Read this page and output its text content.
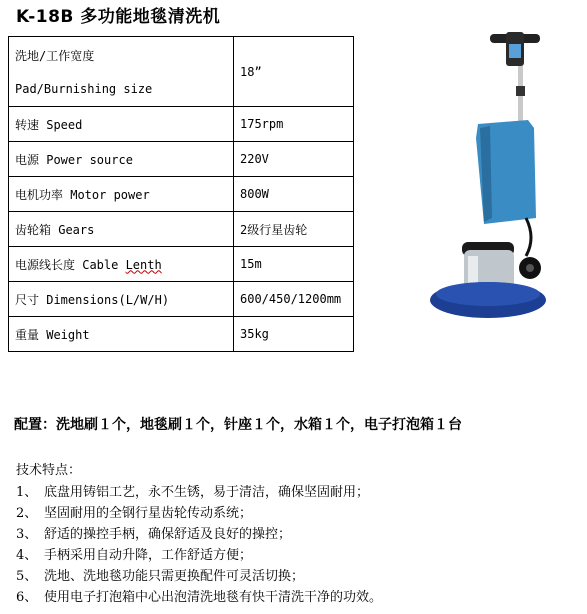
K-18B 多功能地毯清洗机
洗地/工作宽度
Pad/Burnishing size	18”
转速 Speed	175rpm
电源 Power source	220V
电机功率 Motor power	800W
齿轮箱 Gears	2级行星齿轮
电源线长度 Cable Lenth	15m
尺寸 Dimensions(L/W/H)	600/450/1200mm
重量 Weight	35kg
配置：洗地刷１个，地毯刷１个，针座１个，水箱１个，电子打泡箱１台
技术特点：
1、 底盘用铸铝工艺，永不生锈，易于清洁，确保坚固耐用；
2、 坚固耐用的全钢行星齿轮传动系统；
3、 舒适的操控手柄，确保舒适及良好的操控；
4、 手柄采用自动升降，工作舒适方便；
5、 洗地、洗地毯功能只需更换配件可灵活切换；
6、 使用电子打泡箱中心出泡清洗地毯有快干清洗干净的功效。
